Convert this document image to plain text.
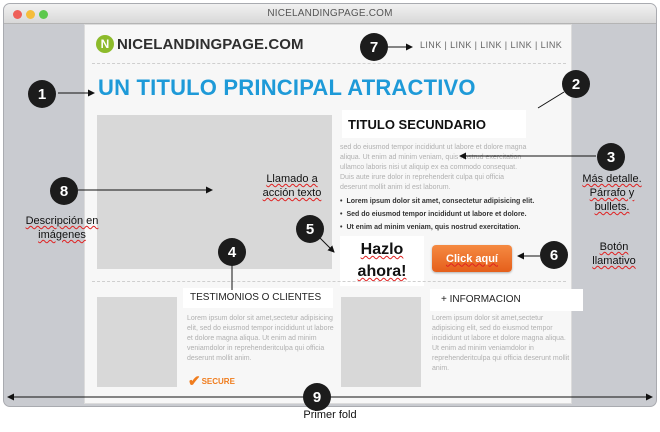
NICELANDINGPAGE.COM
N NICELANDINGPAGE.COM	LINK | LINK | LINK | LINK | LINK
UN TITULO PRINCIPAL ATRACTIVO
sed do eiusmod tempor incididunt ut labore et dolore magna aliqua. Ut enim ad minim veniam, quis nostrud exercitation ullamco laboris nisi ut aliquip ex ea commodo consequat. Duis aute irure dolor in reprehenderit culpa qui officia deserunt mollit anim id est laborum.
TITULO SECUNDARIO
• Lorem ipsum dolor sit amet, consectetur adipisicing elit.
• Sed do eiusmod tempor incididunt ut labore et dolore.
• Ut enim ad minim veniam, quis nostrud exercitation.
Hazlo ahora!
Click aquí
TESTIMONIOS O CLIENTES
Lorem ipsum dolor sit amet,sectetur adipisicing elit, sed do eiusmod tempor incididunt ut labore et dolore magna aliqua. Ut enim ad minim veniamdolor in reprehenderitculpa qui officia deserunt mollit anim.
✔ SECURE
+ INFORMACION
Lorem ipsum dolor sit amet,sectetur adipisicing elit, sed do eiusmod tempor incididunt ut labore et dolore magna aliqua. Ut enim ad minim veniamdolor in reprehenderitculpa qui officia deserunt mollit anim.
1
2
3
4
5
6
7
8
9
Llamado a acción texto
Más detalle. Párrafo y bullets.
Botón llamativo
Descripción en imágenes
Primer fold
